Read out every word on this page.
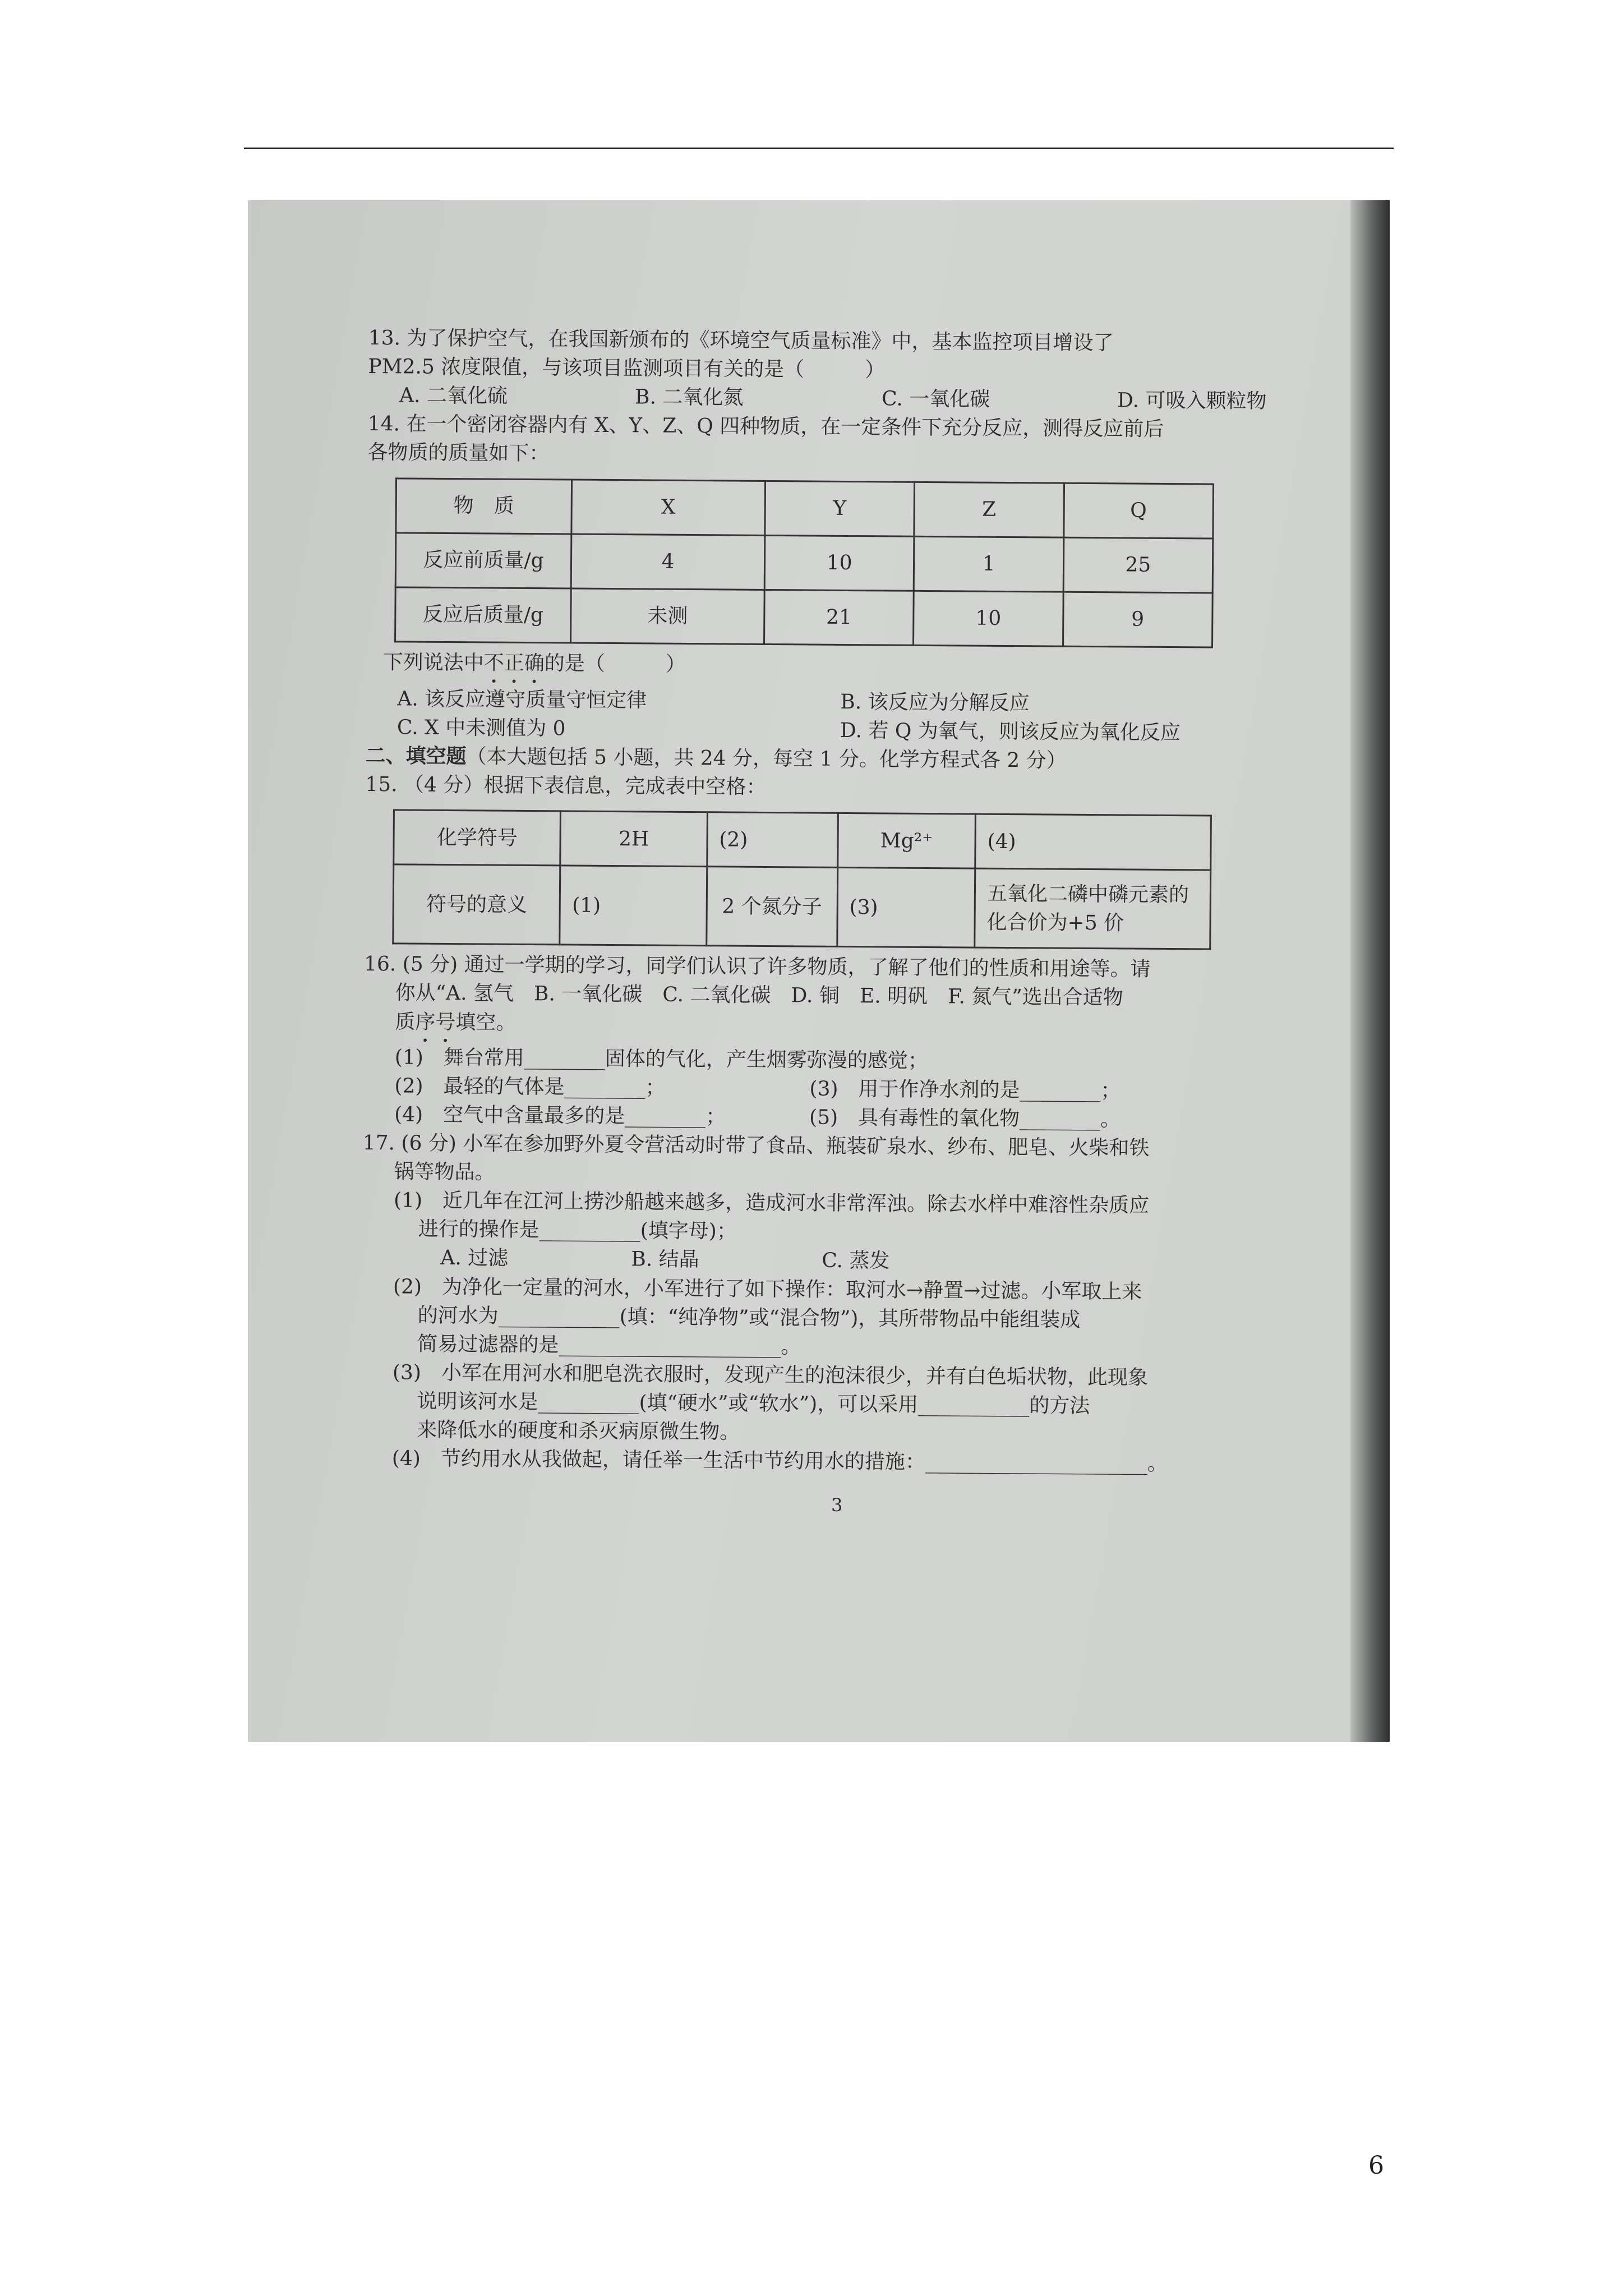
13. 为了保护空气，在我国新颁布的《环境空气质量标准》中，基本监控项目增设了
PM2.5 浓度限值，与该项目监测项目有关的是（　　　）
A. 二氧化硫	B. 二氧化氮	C. 一氧化碳	D. 可吸入颗粒物
14. 在一个密闭容器内有 X、Y、Z、Q 四种物质，在一定条件下充分反应，测得反应前后
各物质的质量如下：
物　质	X	Y	Z	Q
反应前质量/g	4	10	1	25
反应后质量/g	未测	21	10	9
下列说法中不正确的是（　　　）
A. 该反应遵守质量守恒定律	B. 该反应为分解反应
C. X 中未测值为 0	D. 若 Q 为氧气，则该反应为氧化反应
二、填空题（本大题包括 5 小题，共 24 分，每空 1 分。化学方程式各 2 分）
15. （4 分）根据下表信息，完成表中空格：
化学符号	2H	(2)	Mg²⁺	(4)
符号的意义	(1)	2 个氮分子	(3)	五氧化二磷中磷元素的化合价为+5 价
16. (5 分) 通过一学期的学习，同学们认识了许多物质，了解了他们的性质和用途等。请
你从“A. 氢气　B. 一氧化碳　C. 二氧化碳　D. 铜　E. 明矾　F. 氮气”选出合适物
质序号填空。
(1)　舞台常用________固体的气化，产生烟雾弥漫的感觉；
(2)　最轻的气体是________；	(3)　用于作净水剂的是________；
(4)　空气中含量最多的是________；	(5)　具有毒性的氧化物________。
17. (6 分) 小军在参加野外夏令营活动时带了食品、瓶装矿泉水、纱布、肥皂、火柴和铁
锅等物品。
(1)　近几年在江河上捞沙船越来越多，造成河水非常浑浊。除去水样中难溶性杂质应
进行的操作是__________(填字母)；
A. 过滤	B. 结晶	C. 蒸发
(2)　为净化一定量的河水，小军进行了如下操作：取河水→静置→过滤。小军取上来
的河水为____________(填：“纯净物”或“混合物”)，其所带物品中能组装成
简易过滤器的是______________________。
(3)　小军在用河水和肥皂洗衣服时，发现产生的泡沫很少，并有白色垢状物，此现象
说明该河水是__________(填“硬水”或“软水”)，可以采用___________的方法
来降低水的硬度和杀灭病原微生物。
(4)　节约用水从我做起，请任举一生活中节约用水的措施：______________________。
3
6
